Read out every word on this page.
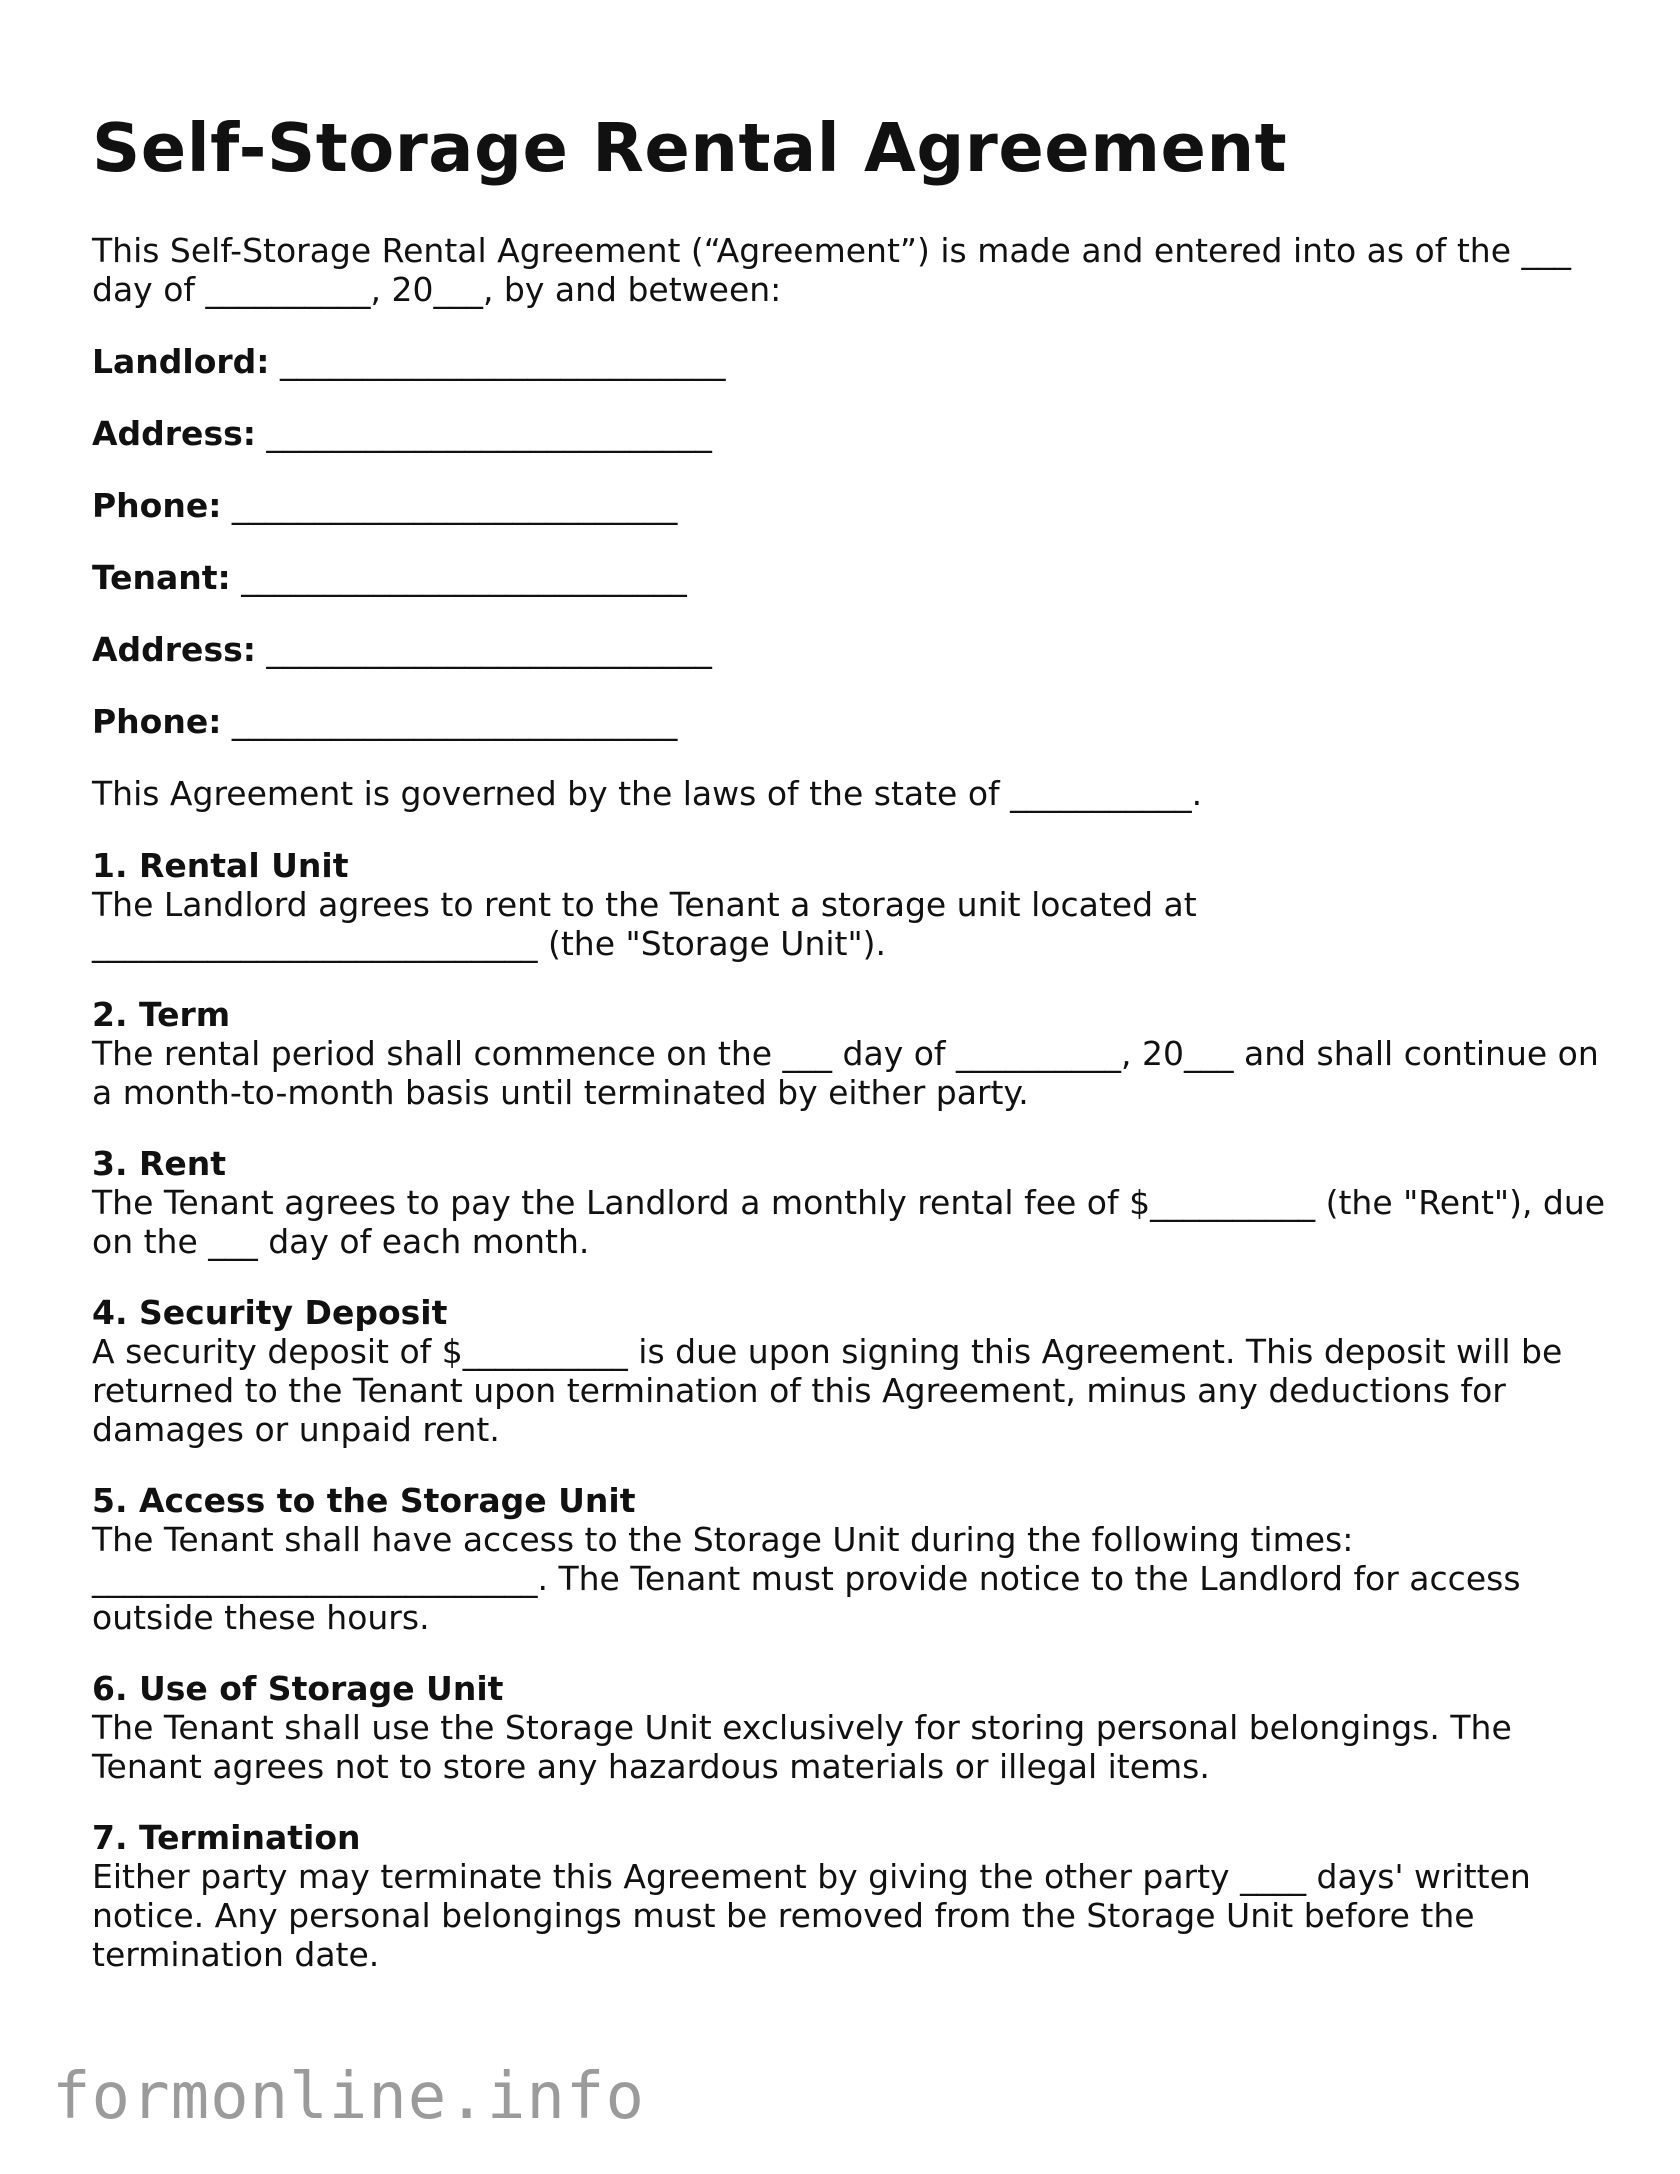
Self-Storage Rental Agreement

This Self-Storage Rental Agreement (“Agreement”) is made and entered into as of the ___ day of __________, 20___, by and between:

Landlord: ___________________________

Address: ___________________________

Phone: ___________________________

Tenant: ___________________________

Address: ___________________________

Phone: ___________________________

This Agreement is governed by the laws of the state of ___________.

1. Rental Unit

The Landlord agrees to rent to the Tenant a storage unit located at ___________________________ (the "Storage Unit").

2. Term

The rental period shall commence on the ___ day of __________, 20___ and shall continue on a month-to-month basis until terminated by either party.

3. Rent

The Tenant agrees to pay the Landlord a monthly rental fee of $__________ (the "Rent"), due on the ___ day of each month.

4. Security Deposit

A security deposit of $__________ is due upon signing this Agreement. This deposit will be returned to the Tenant upon termination of this Agreement, minus any deductions for damages or unpaid rent.

5. Access to the Storage Unit

The Tenant shall have access to the Storage Unit during the following times: ___________________________. The Tenant must provide notice to the Landlord for access outside these hours.

6. Use of Storage Unit

The Tenant shall use the Storage Unit exclusively for storing personal belongings. The Tenant agrees not to store any hazardous materials or illegal items.

7. Termination

Either party may terminate this Agreement by giving the other party ____ days' written notice. Any personal belongings must be removed from the Storage Unit before the termination date.

formonline.info
